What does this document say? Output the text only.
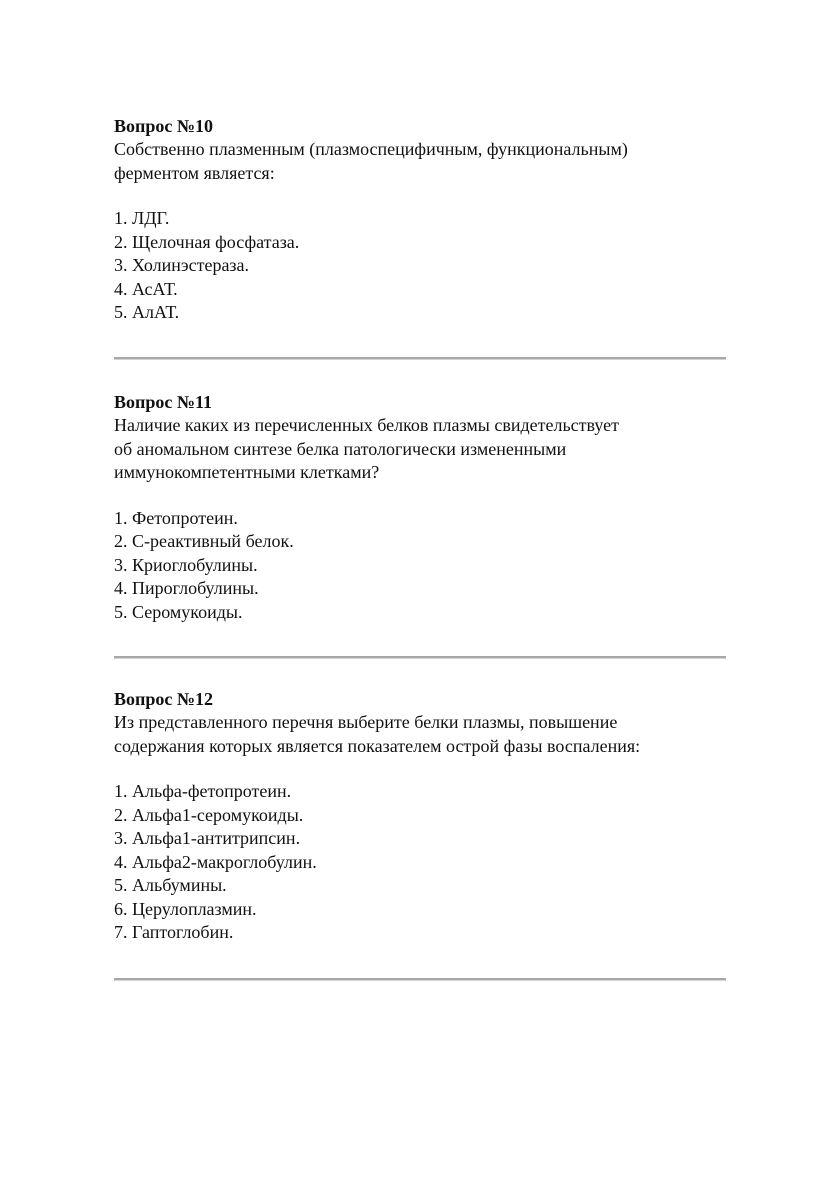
Вопрос №10

Собственно плазменным (плазмоспецифичным, функциональным)

ферментом является:

1. ЛДГ.
2. Щелочная фосфатаза.
3. Холинэстераза.
4. АсАТ.
5. АлАТ.

Вопрос №11

Наличие каких из перечисленных белков плазмы свидетельствует

об аномальном синтезе белка патологически измененными

иммунокомпетентными клетками?

1. Фетопротеин.
2. С-реактивный белок.
3. Криоглобулины.
4. Пироглобулины.
5. Серомукоиды.

Вопрос №12

Из представленного перечня выберите белки плазмы, повышение

содержания которых является показателем острой фазы воспаления:

1. Альфа-фетопротеин.
2. Альфа1-серомукоиды.
3. Альфа1-антитрипсин.
4. Альфа2-макроглобулин.
5. Альбумины.
6. Церулоплазмин.
7. Гаптоглобин.
